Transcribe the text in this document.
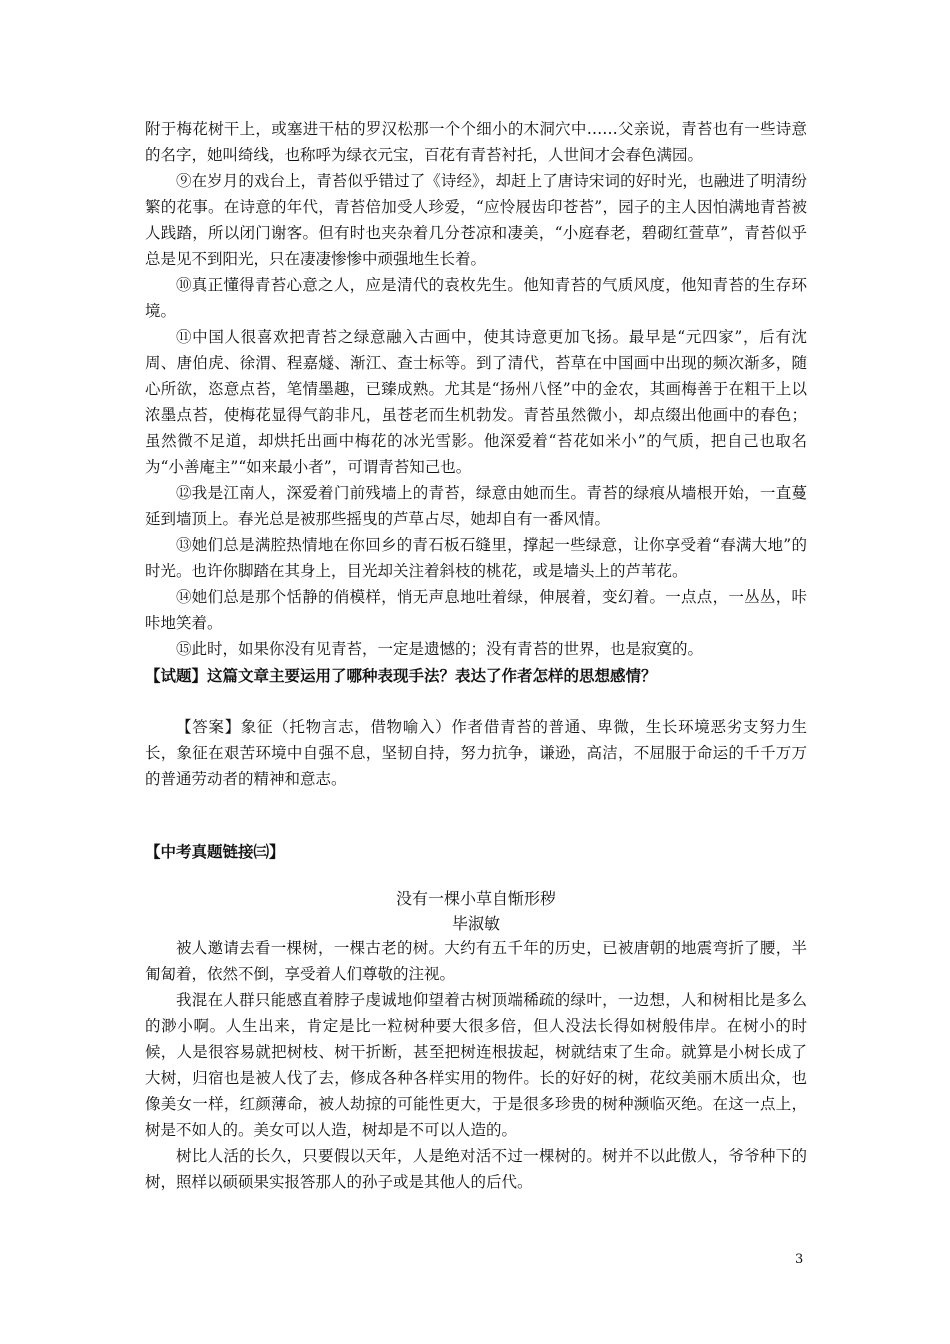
附于梅花树干上，或塞进干枯的罗汉松那一个个细小的木洞穴中……父亲说，青苔也有一些诗意的名字，她叫绮线，也称呼为绿衣元宝，百花有青苔衬托，人世间才会春色满园。

⑨在岁月的戏台上，青苔似乎错过了《诗经》，却赶上了唐诗宋词的好时光，也融进了明清纷繁的花事。在诗意的年代，青苔倍加受人珍爱，“应怜屐齿印苍苔”，园子的主人因怕满地青苔被人践踏，所以闭门谢客。但有时也夹杂着几分苍凉和凄美，“小庭春老，碧砌红萱草”，青苔似乎总是见不到阳光，只在凄凄惨惨中顽强地生长着。

⑩真正懂得青苔心意之人，应是清代的袁枚先生。他知青苔的气质风度，他知青苔的生存环境。

⑪中国人很喜欢把青苔之绿意融入古画中，使其诗意更加飞扬。最早是“元四家”，后有沈周、唐伯虎、徐渭、程嘉燧、渐江、查士标等。到了清代，苔草在中国画中出现的频次渐多，随心所欲，恣意点苔，笔情墨趣，已臻成熟。尤其是“扬州八怪”中的金农，其画梅善于在粗干上以浓墨点苔，使梅花显得气韵非凡，虽苍老而生机勃发。青苔虽然微小，却点缀出他画中的春色；虽然微不足道，却烘托出画中梅花的冰光雪影。他深爱着“苔花如米小”的气质，把自己也取名为“小善庵主”“如来最小者”，可谓青苔知己也。

⑫我是江南人，深爱着门前残墙上的青苔，绿意由她而生。青苔的绿痕从墙根开始，一直蔓延到墙顶上。春光总是被那些摇曳的芦草占尽，她却自有一番风情。

⑬她们总是满腔热情地在你回乡的青石板石缝里，撑起一些绿意，让你享受着“春满大地”的时光。也许你脚踏在其身上，目光却关注着斜枝的桃花，或是墙头上的芦苇花。

⑭她们总是那个恬静的俏模样，悄无声息地吐着绿，伸展着，变幻着。一点点，一丛丛，咔咔地笑着。

⑮此时，如果你没有见青苔，一定是遗憾的；没有青苔的世界，也是寂寞的。

【试题】这篇文章主要运用了哪种表现手法？表达了作者怎样的思想感情？

【答案】象征（托物言志，借物喻入）作者借青苔的普通、卑微，生长环境恶劣支努力生长，象征在艰苦环境中自强不息，坚韧自持，努力抗争，谦逊，高洁，不屈服于命运的千千万万的普通劳动者的精神和意志。

【中考真题链接㈢】
没有一棵小草自惭形秽
毕淑敏

被人邀请去看一棵树，一棵古老的树。大约有五千年的历史，已被唐朝的地震弯折了腰，半匍匐着，依然不倒，享受着人们尊敬的注视。

我混在人群只能感直着脖子虔诚地仰望着古树顶端稀疏的绿叶，一边想，人和树相比是多么的渺小啊。人生出来，肯定是比一粒树种要大很多倍，但人没法长得如树般伟岸。在树小的时候，人是很容易就把树枝、树干折断，甚至把树连根拔起，树就结束了生命。就算是小树长成了大树，归宿也是被人伐了去，修成各种各样实用的物件。长的好好的树，花纹美丽木质出众，也像美女一样，红颜薄命，被人劫掠的可能性更大，于是很多珍贵的树种濒临灭绝。在这一点上，树是不如人的。美女可以人造，树却是不可以人造的。

树比人活的长久，只要假以天年，人是绝对活不过一棵树的。树并不以此傲人，爷爷种下的树，照样以硕硕果实报答那人的孙子或是其他人的后代。

3
